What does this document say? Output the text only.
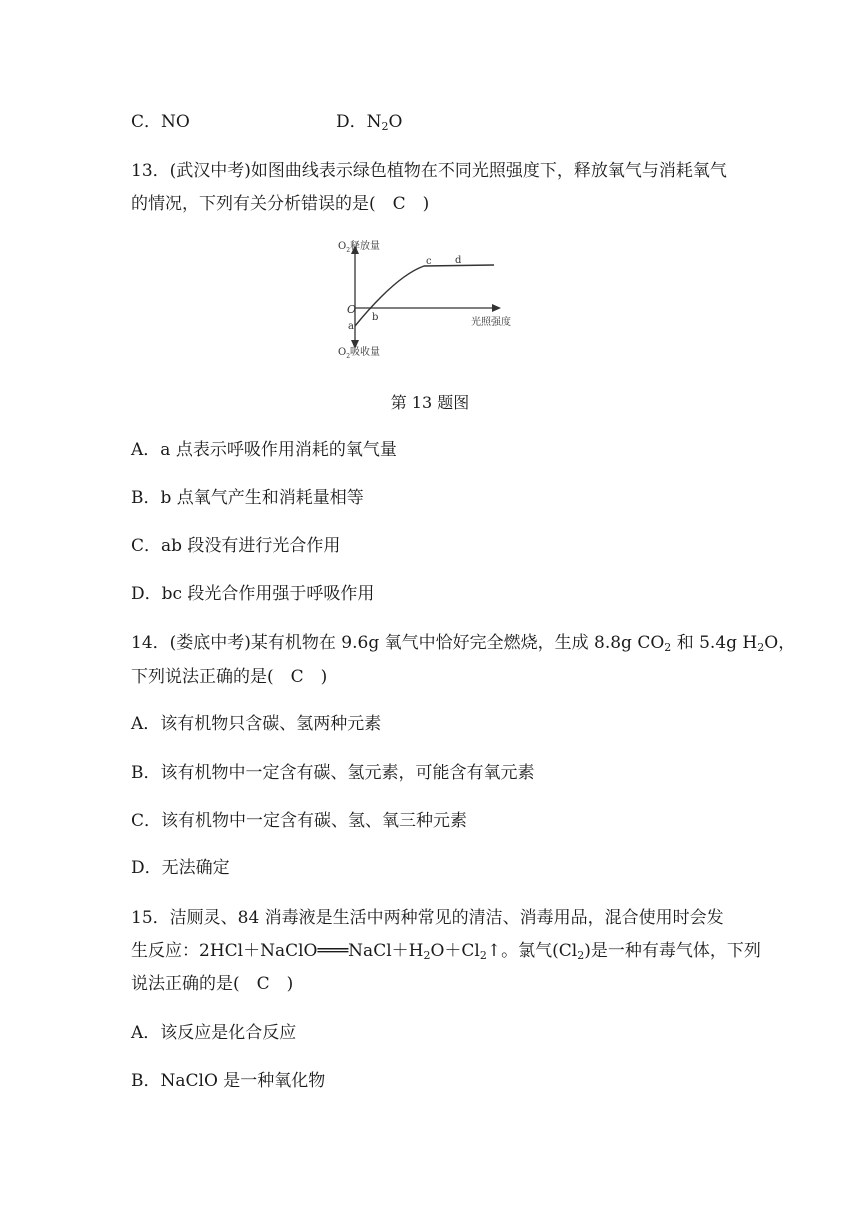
C．NO	D．$N_2O$
13．(武汉中考)如图曲线表示绿色植物在不同光照强度下，释放氧气与消耗氧气
的情况，下列有关分析错误的是(　C　)
$O_2$释放量
$O_2$吸收量
光照强度
O
a
b
c d
第 13 题图
A．a 点表示呼吸作用消耗的氧气量
B．b 点氧气产生和消耗量相等
C．ab 段没有进行光合作用
D．bc 段光合作用强于呼吸作用
14．(娄底中考)某有机物在 9.6g 氧气中恰好完全燃烧，生成 8.8g $CO_2$ 和 5.4g $H_2O$，
下列说法正确的是(　C　)
A．该有机物只含碳、氢两种元素
B．该有机物中一定含有碳、氢元素，可能含有氧元素
C．该有机物中一定含有碳、氢、氧三种元素
D．无法确定
15．洁厕灵、84 消毒液是生活中两种常见的清洁、消毒用品，混合使用时会发
生反应：$2HCl+NaClO═══NaCl+H_2O+Cl_2↑$。氯气$(Cl_2)$是一种有毒气体，下列
说法正确的是(　C　)
A．该反应是化合反应
B．NaClO 是一种氧化物
